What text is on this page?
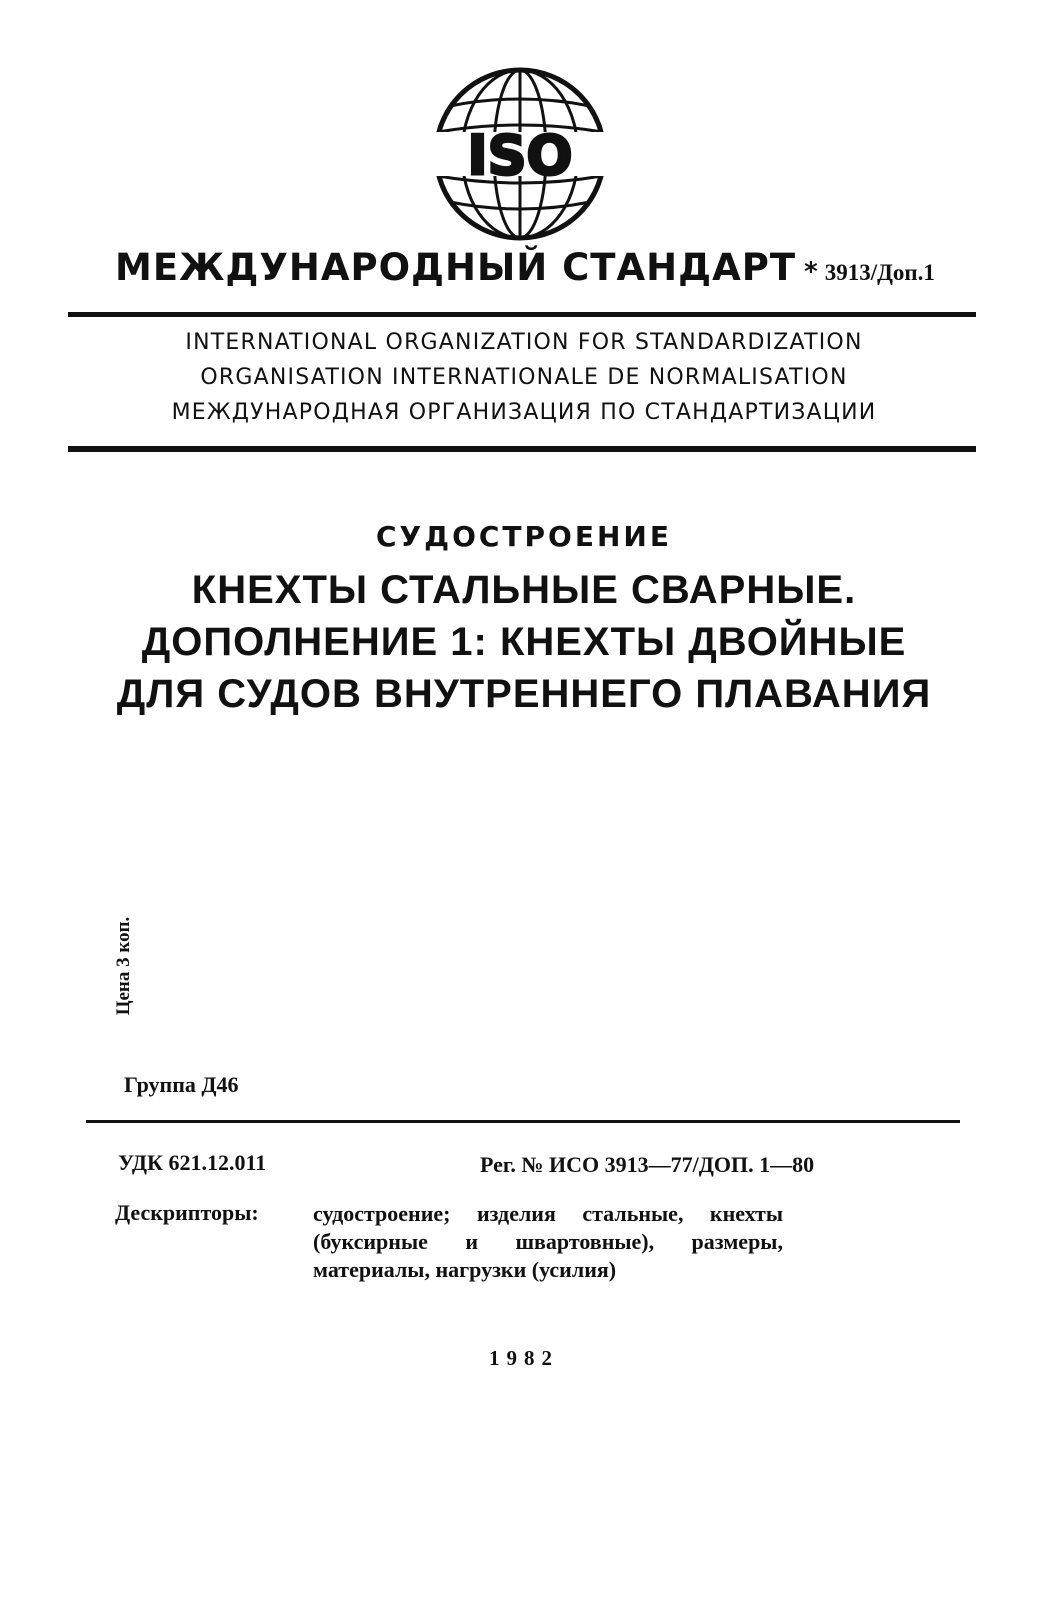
ISO
МЕЖДУНАРОДНЫЙ СТАНДАРТ * 3913/Доп.1
INTERNATIONAL ORGANIZATION FOR STANDARDIZATION
ORGANISATION INTERNATIONALE DE NORMALISATION
МЕЖДУНАРОДНАЯ ОРГАНИЗАЦИЯ ПО СТАНДАРТИЗАЦИИ
СУДОСТРОЕНИЕ
КНЕХТЫ СТАЛЬНЫЕ СВАРНЫЕ.
ДОПОЛНЕНИЕ 1: КНЕХТЫ ДВОЙНЫЕ
ДЛЯ СУДОВ ВНУТРЕННЕГО ПЛАВАНИЯ
Цена 3 коп.
Группа Д46
УДК 621.12.011	Рег. № ИСО 3913—77/ДОП. 1—80
Дескрипторы: судостроение; изделия стальные, кнехты (буксирные и швартовные), размеры, материалы, нагрузки (усилия)
1982
